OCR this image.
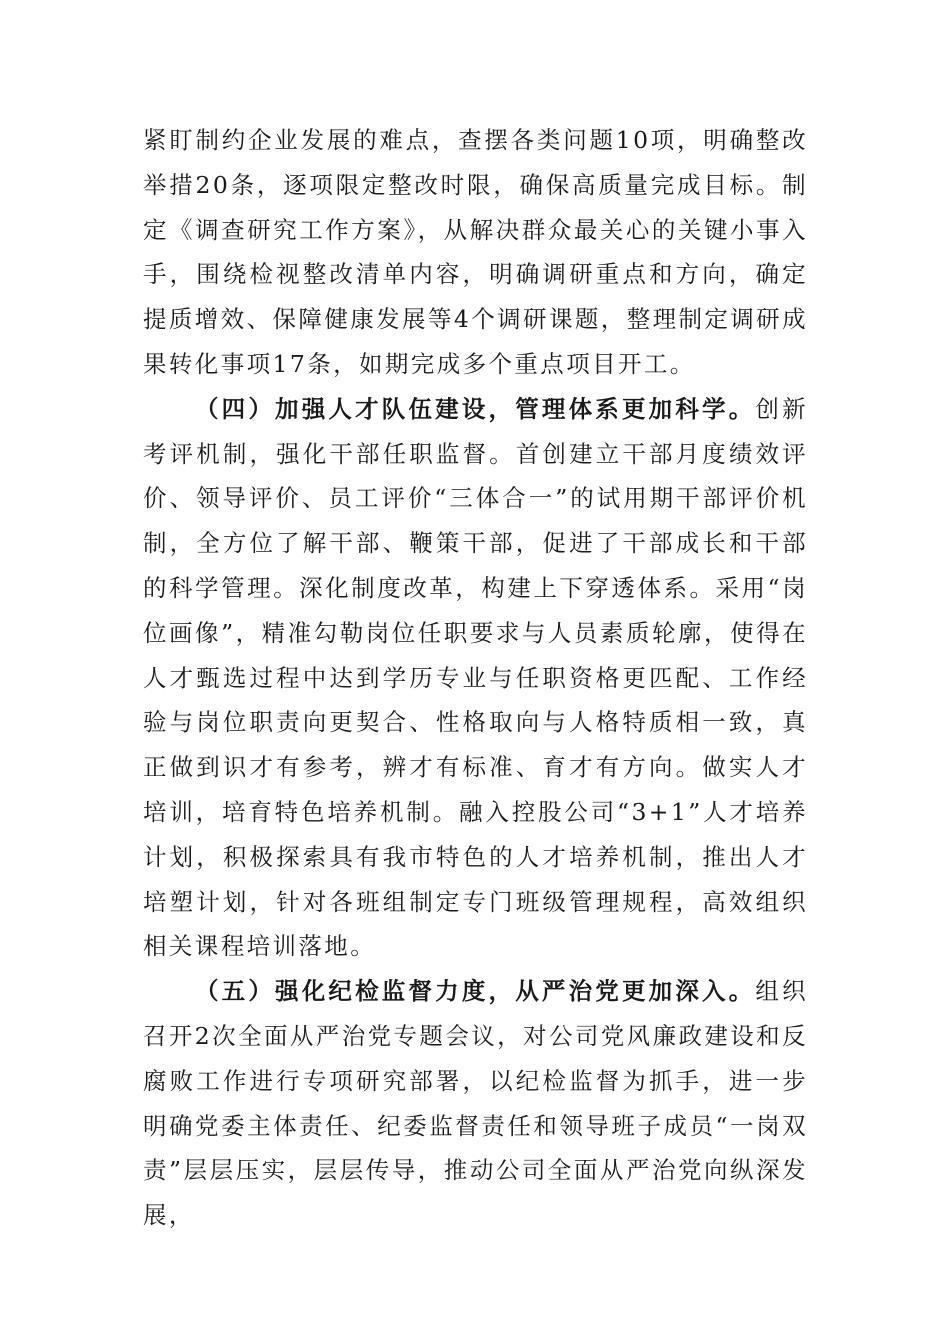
紧盯制约企业发展的难点，查摆各类问题10项，明确整改举措20条，逐项限定整改时限，确保高质量完成目标。制定《调查研究工作方案》，从解决群众最关心的关键小事入手，围绕检视整改清单内容，明确调研重点和方向，确定提质增效、保障健康发展等4个调研课题，整理制定调研成果转化事项17条，如期完成多个重点项目开工。

（四）加强人才队伍建设，管理体系更加科学。创新考评机制，强化干部任职监督。首创建立干部月度绩效评价、领导评价、员工评价“三体合一”的试用期干部评价机制，全方位了解干部、鞭策干部，促进了干部成长和干部的科学管理。深化制度改革，构建上下穿透体系。采用“岗位画像”，精准勾勒岗位任职要求与人员素质轮廓，使得在人才甄选过程中达到学历专业与任职资格更匹配、工作经验与岗位职责向更契合、性格取向与人格特质相一致，真正做到识才有参考，辨才有标准、育才有方向。做实人才培训，培育特色培养机制。融入控股公司“3+1”人才培养计划，积极探索具有我市特色的人才培养机制，推出人才培塑计划，针对各班组制定专门班级管理规程，高效组织相关课程培训落地。

（五）强化纪检监督力度，从严治党更加深入。组织召开2次全面从严治党专题会议，对公司党风廉政建设和反腐败工作进行专项研究部署，以纪检监督为抓手，进一步明确党委主体责任、纪委监督责任和领导班子成员“一岗双责”层层压实，层层传导，推动公司全面从严治党向纵深发展，
